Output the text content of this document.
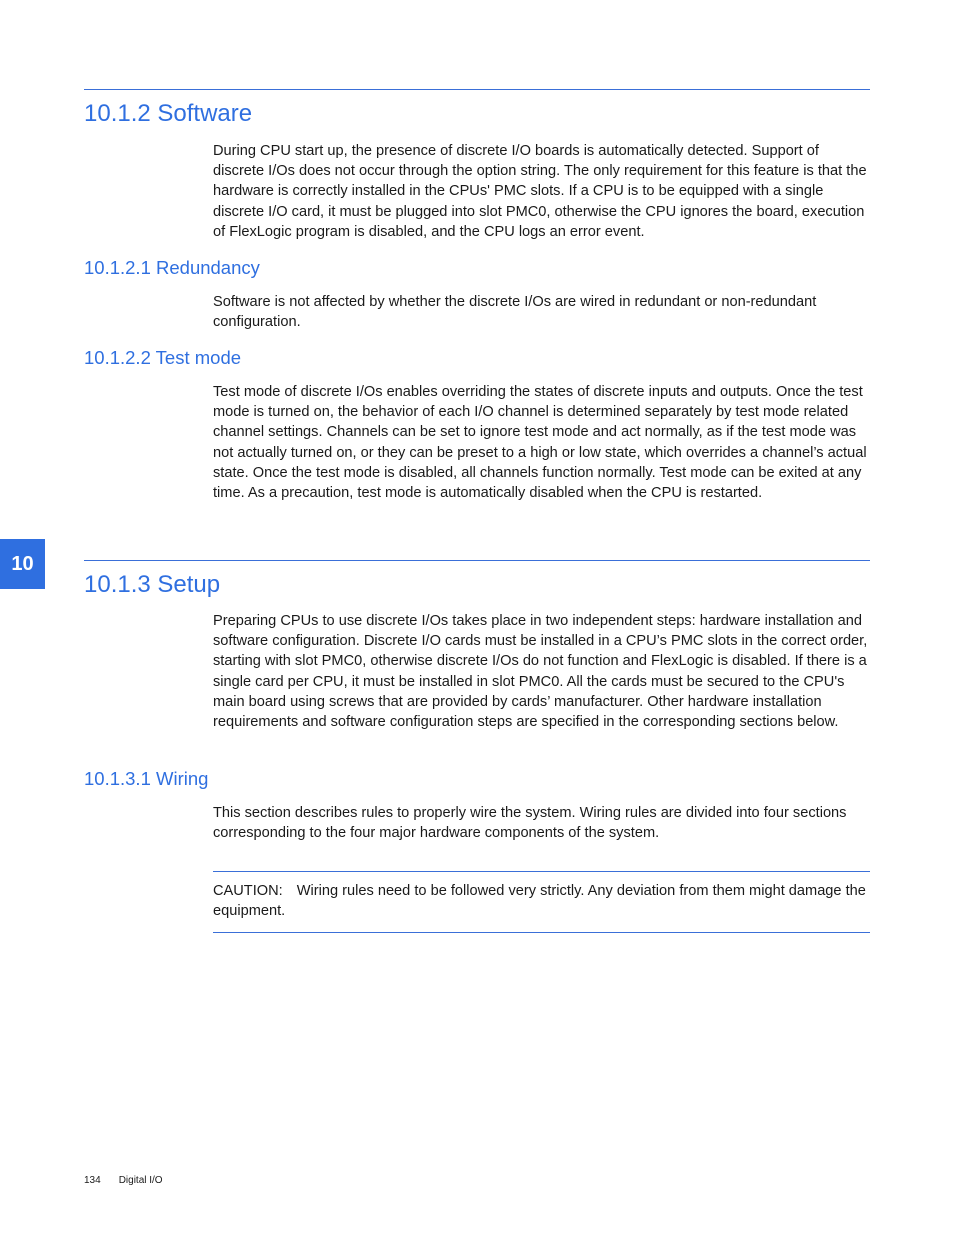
10.1.2 Software

During CPU start up, the presence of discrete I/O boards is automatically detected. Support of discrete I/Os does not occur through the option string. The only requirement for this feature is that the hardware is correctly installed in the CPUs' PMC slots. If a CPU is to be equipped with a single discrete I/O card, it must be plugged into slot PMC0, otherwise the CPU ignores the board, execution of FlexLogic program is disabled, and the CPU logs an error event.

10.1.2.1 Redundancy

Software is not affected by whether the discrete I/Os are wired in redundant or non-redundant configuration.

10.1.2.2 Test mode

Test mode of discrete I/Os enables overriding the states of discrete inputs and outputs. Once the test mode is turned on, the behavior of each I/O channel is determined separately by test mode related channel settings. Channels can be set to ignore test mode and act normally, as if the test mode was not actually turned on, or they can be preset to a high or low state, which overrides a channel’s actual state. Once the test mode is disabled, all channels function normally. Test mode can be exited at any time. As a precaution, test mode is automatically disabled when the CPU is restarted.

10
10.1.3 Setup

Preparing CPUs to use discrete I/Os takes place in two independent steps: hardware installation and software configuration. Discrete I/O cards must be installed in a CPU’s PMC slots in the correct order, starting with slot PMC0, otherwise discrete I/Os do not function and FlexLogic is disabled. If there is a single card per CPU, it must be installed in slot PMC0. All the cards must be secured to the CPU's main board using screws that are provided by cards’ manufacturer. Other hardware installation requirements and software configuration steps are specified in the corresponding sections below.

10.1.3.1 Wiring

This section describes rules to properly wire the system. Wiring rules are divided into four sections corresponding to the four major hardware components of the system.

CAUTION: Wiring rules need to be followed very strictly. Any deviation from them might damage the equipment.

134 Digital I/O
